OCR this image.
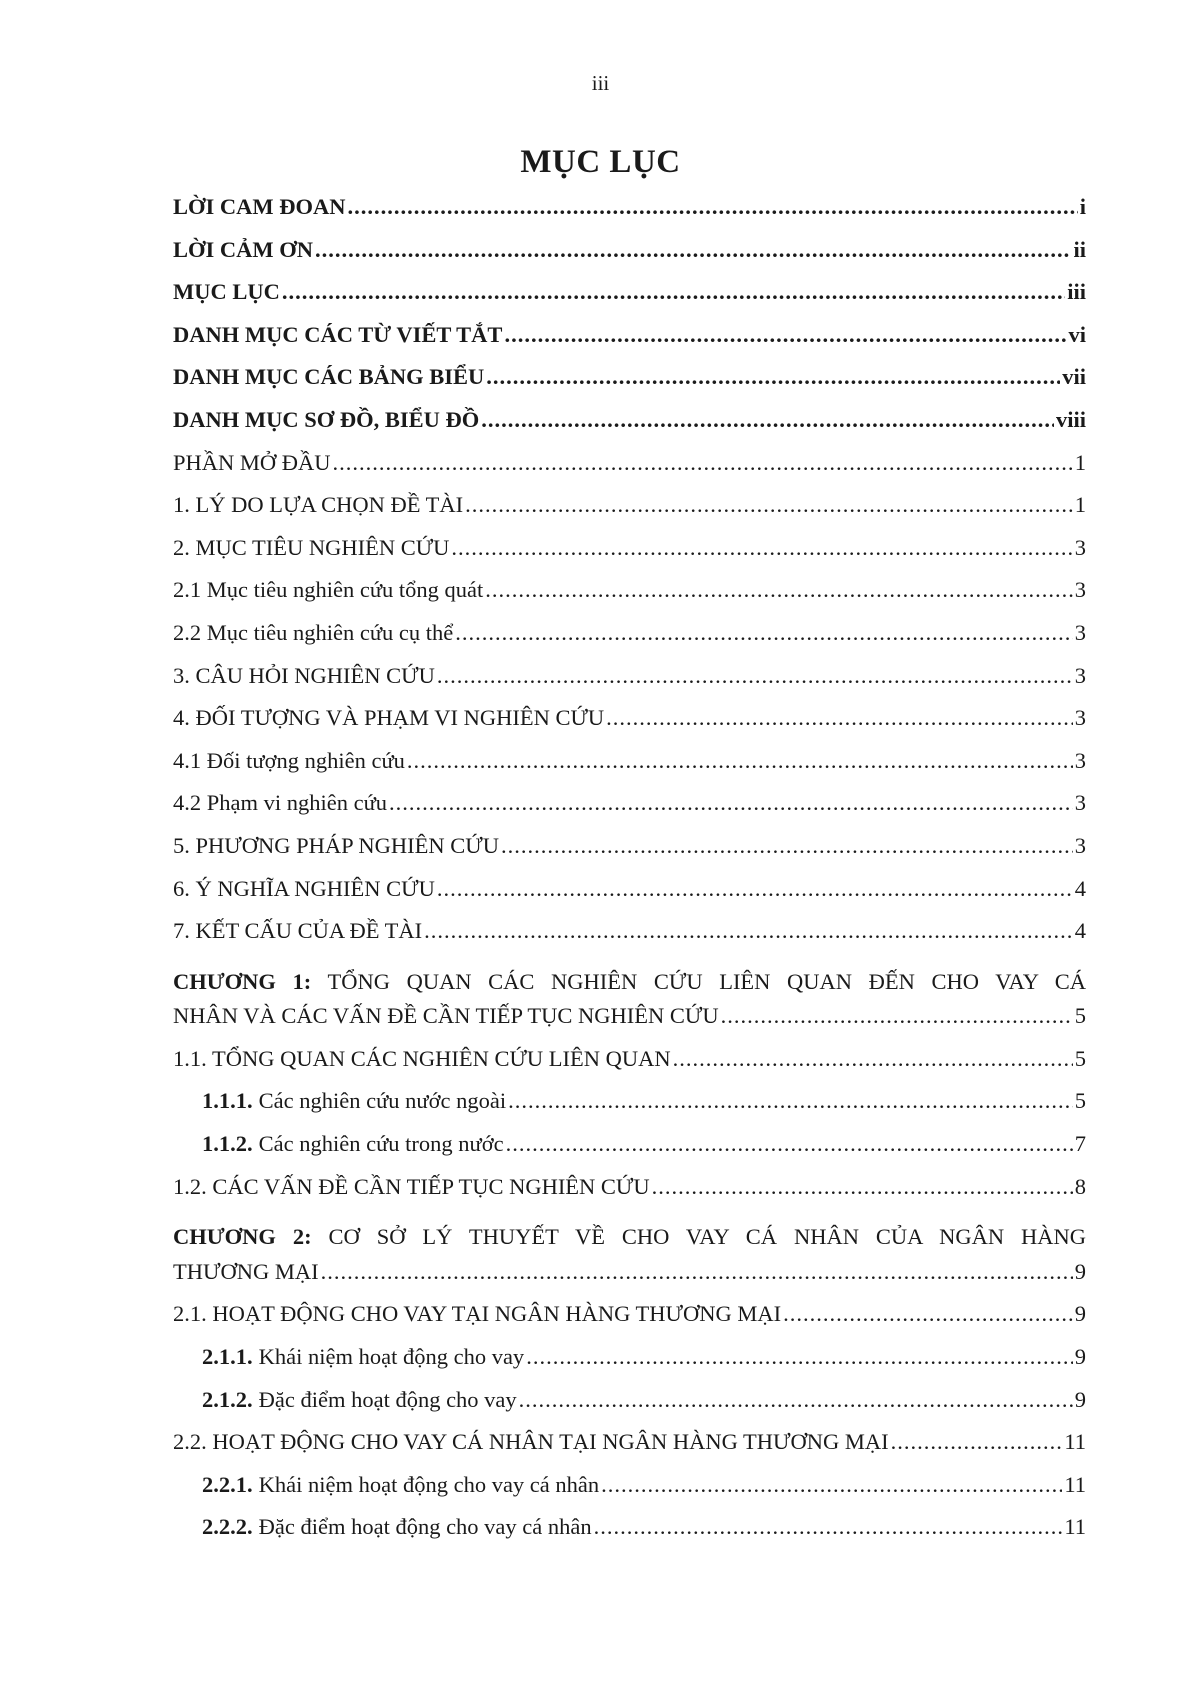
iii
MỤC LỤC
LỜI CAM ĐOAN .....	i
LỜI CẢM ƠN .....	ii
MỤC LỤC .....	iii
DANH MỤC CÁC TỪ VIẾT TẮT .....	vi
DANH MỤC CÁC BẢNG BIỂU .....	vii
DANH MỤC SƠ ĐỒ, BIỂU ĐỒ .....	viii
PHẦN MỞ ĐẦU .....	1
1. LÝ DO LỰA CHỌN ĐỀ TÀI .....	1
2. MỤC TIÊU NGHIÊN CỨU .....	3
2.1 Mục tiêu nghiên cứu tổng quát .....	3
2.2 Mục tiêu nghiên cứu cụ thể .....	3
3. CÂU HỎI NGHIÊN CỨU .....	3
4. ĐỐI TƯỢNG VÀ PHẠM VI NGHIÊN CỨU .....	3
4.1 Đối tượng nghiên cứu .....	3
4.2 Phạm vi nghiên cứu .....	3
5. PHƯƠNG PHÁP NGHIÊN CỨU .....	3
6. Ý NGHĨA NGHIÊN CỨU .....	4
7. KẾT CẤU CỦA ĐỀ TÀI .....	4
CHƯƠNG 1: TỔNG QUAN CÁC NGHIÊN CỨU LIÊN QUAN ĐẾN CHO VAY CÁ
NHÂN VÀ CÁC VẤN ĐỀ CẦN TIẾP TỤC NGHIÊN CỨU .....	5
1.1. TỔNG QUAN CÁC NGHIÊN CỨU LIÊN QUAN .....	5
1.1.1. Các nghiên cứu nước ngoài .....	5
1.1.2. Các nghiên cứu trong nước .....	7
1.2. CÁC VẤN ĐỀ CẦN TIẾP TỤC NGHIÊN CỨU .....	8
CHƯƠNG 2: CƠ SỞ LÝ THUYẾT VỀ CHO VAY CÁ NHÂN CỦA NGÂN HÀNG
THƯƠNG MẠI .....	9
2.1. HOẠT ĐỘNG CHO VAY TẠI NGÂN HÀNG THƯƠNG MẠI .....	9
2.1.1. Khái niệm hoạt động cho vay .....	9
2.1.2. Đặc điểm hoạt động cho vay .....	9
2.2. HOẠT ĐỘNG CHO VAY CÁ NHÂN TẠI NGÂN HÀNG THƯƠNG MẠI .....	11
2.2.1. Khái niệm hoạt động cho vay cá nhân .....	11
2.2.2. Đặc điểm hoạt động cho vay cá nhân .....	11
